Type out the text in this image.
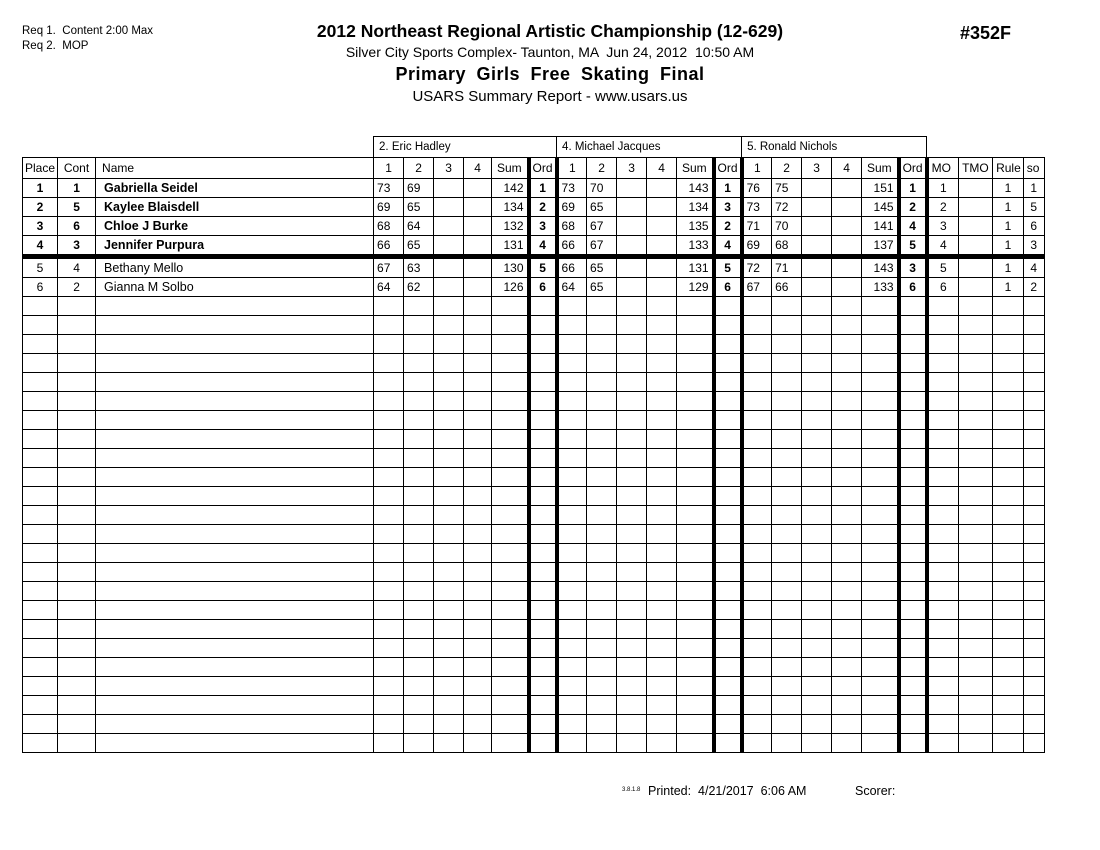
Req 1.  Content 2:00 Max
Req 2.  MOP
#352F
2012 Northeast Regional Artistic Championship (12-629)
Silver City Sports Complex- Taunton, MA  Jun 24, 2012  10:50 AM
Primary Girls Free Skating Final
USARS Summary Report - www.usars.us
			2. Eric Hadley						4. Michael Jacques						5. Ronald Nichols									
Place	Cont	Name	1	2	3	4	Sum	Ord	1	2	3	4	Sum	Ord	1	2	3	4	Sum	Ord	MO	TMO	Rule	so
1	1	Gabriella Seidel	73	69			142	1	73	70			143	1	76	75			151	1	1		1	1
2	5	Kaylee Blaisdell	69	65			134	2	69	65			134	3	73	72			145	2	2		1	5
3	6	Chloe J Burke	68	64			132	3	68	67			135	2	71	70			141	4	3		1	6
4	3	Jennifer Purpura	66	65			131	4	66	67			133	4	69	68			137	5	4		1	3
5	4	Bethany Mello	67	63			130	5	66	65			131	5	72	71			143	3	5		1	4
6	2	Gianna M Solbo	64	62			126	6	64	65			129	6	67	66			133	6	6		1	2

3.8.1.8 Printed:  4/21/2017  6:06 AM	Scorer:
